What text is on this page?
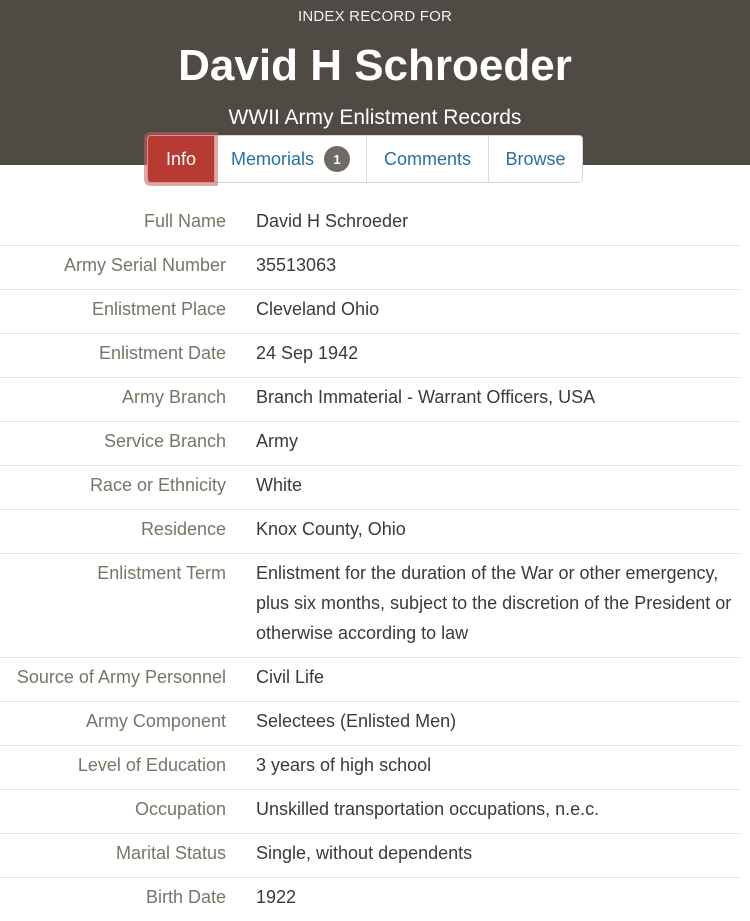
INDEX RECORD FOR
David H Schroeder
WWII Army Enlistment Records
Info	Memorials	1	Comments	Browse
Full Name	David H Schroeder
Army Serial Number	35513063
Enlistment Place	Cleveland Ohio
Enlistment Date	24 Sep 1942
Army Branch	Branch Immaterial - Warrant Officers, USA
Service Branch	Army
Race or Ethnicity	White
Residence	Knox County, Ohio
Enlistment Term	Enlistment for the duration of the War or other emergency, plus six months, subject to the discretion of the President or otherwise according to law
Source of Army Personnel	Civil Life
Army Component	Selectees (Enlisted Men)
Level of Education	3 years of high school
Occupation	Unskilled transportation occupations, n.e.c.
Marital Status	Single, without dependents
Birth Date	1922
